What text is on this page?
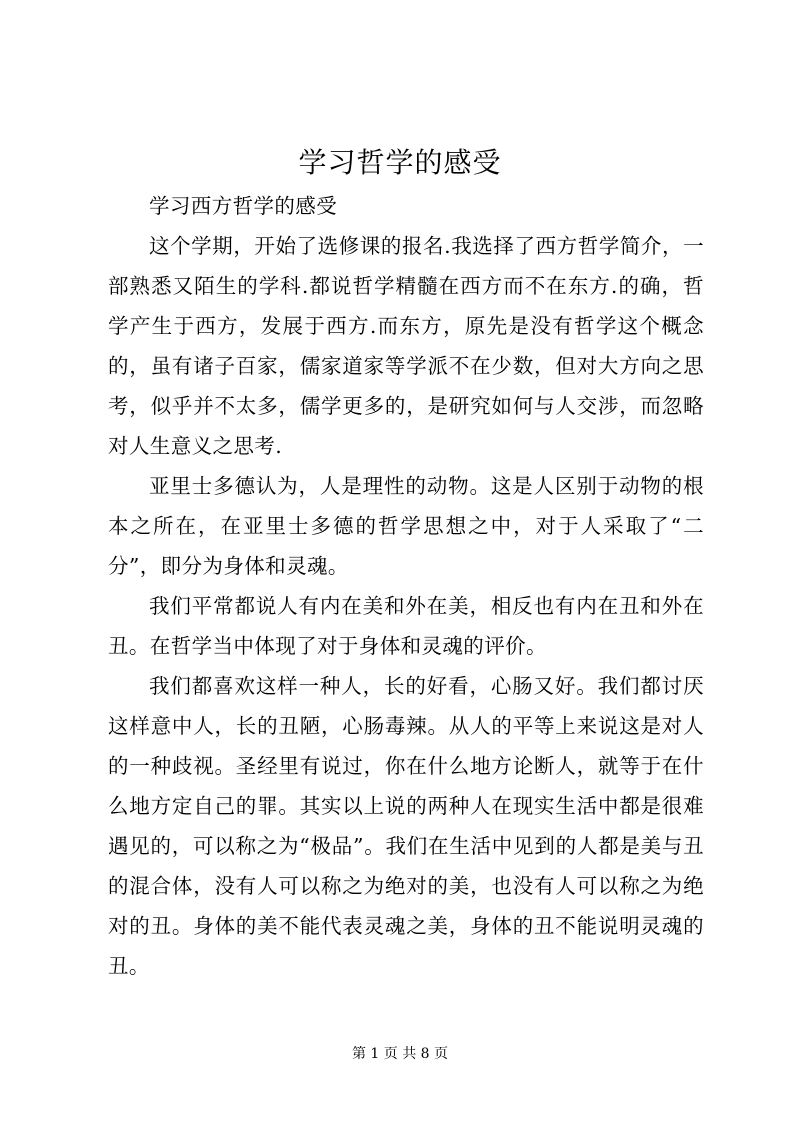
学习哲学的感受

学习西方哲学的感受

这个学期，开始了选修课的报名.我选择了西方哲学简介，一部熟悉又陌生的学科.都说哲学精髓在西方而不在东方.的确，哲学产生于西方，发展于西方.而东方，原先是没有哲学这个概念的，虽有诸子百家，儒家道家等学派不在少数，但对大方向之思考，似乎并不太多，儒学更多的，是研究如何与人交涉，而忽略对人生意义之思考.

亚里士多德认为，人是理性的动物。这是人区别于动物的根本之所在，在亚里士多德的哲学思想之中，对于人采取了“二分”，即分为身体和灵魂。

我们平常都说人有内在美和外在美，相反也有内在丑和外在丑。在哲学当中体现了对于身体和灵魂的评价。

我们都喜欢这样一种人，长的好看，心肠又好。我们都讨厌这样意中人，长的丑陋，心肠毒辣。从人的平等上来说这是对人的一种歧视。圣经里有说过，你在什么地方论断人，就等于在什么地方定自己的罪。其实以上说的两种人在现实生活中都是很难遇见的，可以称之为“极品”。我们在生活中见到的人都是美与丑的混合体，没有人可以称之为绝对的美，也没有人可以称之为绝对的丑。身体的美不能代表灵魂之美，身体的丑不能说明灵魂的丑。

第 1 页 共 8 页
